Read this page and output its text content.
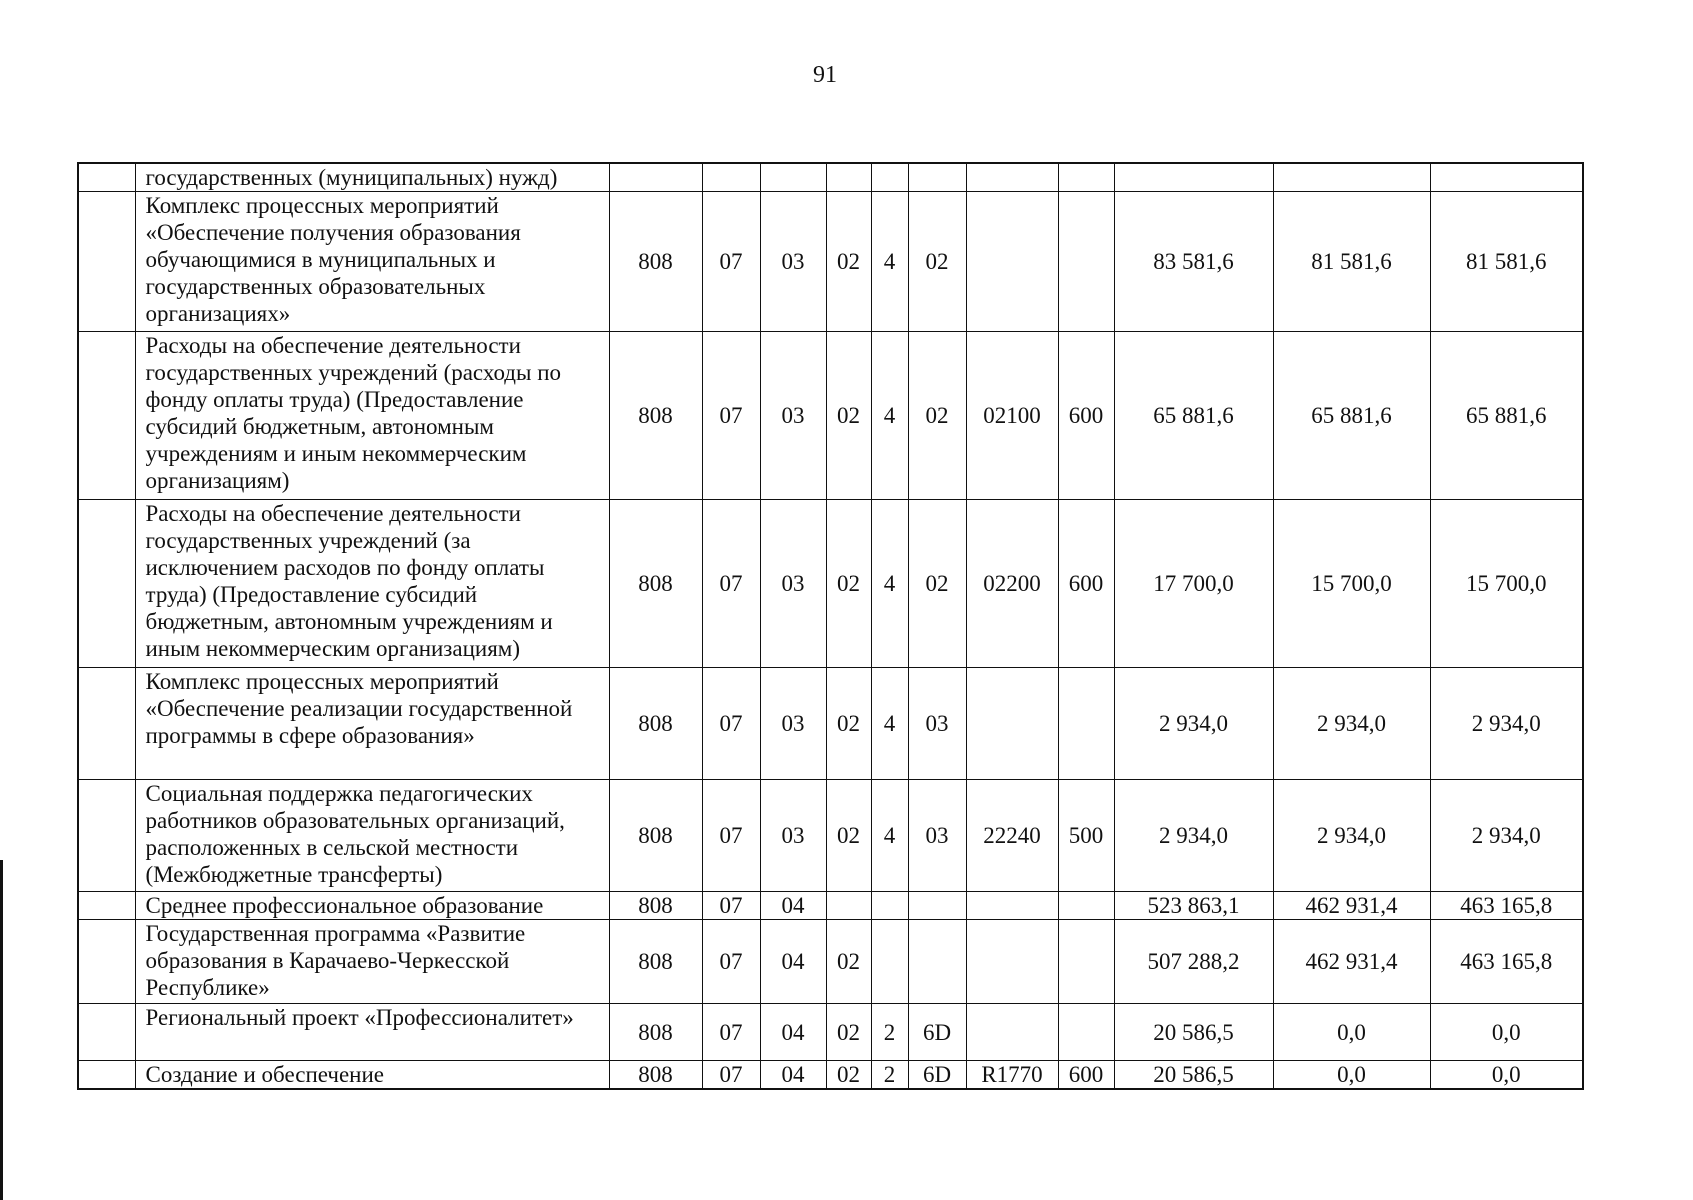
91
	государственных (муниципальных) нужд)											
	Комплекс процессных мероприятий «Обеспечение получения образования обучающимися в муниципальных и государственных образовательных организациях»	808	07	03	02	4	02			83 581,6	81 581,6	81 581,6
	Расходы на обеспечение деятельности государственных учреждений (расходы по фонду оплаты труда) (Предоставление субсидий бюджетным, автономным учреждениям и иным некоммерческим организациям)	808	07	03	02	4	02	02100	600	65 881,6	65 881,6	65 881,6
	Расходы на обеспечение деятельности государственных учреждений (за исключением расходов по фонду оплаты труда) (Предоставление субсидий бюджетным, автономным учреждениям и иным некоммерческим организациям)	808	07	03	02	4	02	02200	600	17 700,0	15 700,0	15 700,0
	Комплекс процессных мероприятий «Обеспечение реализации государственной программы в сфере образования»	808	07	03	02	4	03			2 934,0	2 934,0	2 934,0
	Социальная поддержка педагогических работников образовательных организаций, расположенных в сельской местности (Межбюджетные трансферты)	808	07	03	02	4	03	22240	500	2 934,0	2 934,0	2 934,0
	Среднее профессиональное образование	808	07	04						523 863,1	462 931,4	463 165,8
	Государственная программа «Развитие образования в Карачаево-Черкесской Республике»	808	07	04	02					507 288,2	462 931,4	463 165,8
	Региональный проект «Профессионалитет»	808	07	04	02	2	6D			20 586,5	0,0	0,0
	Создание и обеспечение	808	07	04	02	2	6D	R1770	600	20 586,5	0,0	0,0
